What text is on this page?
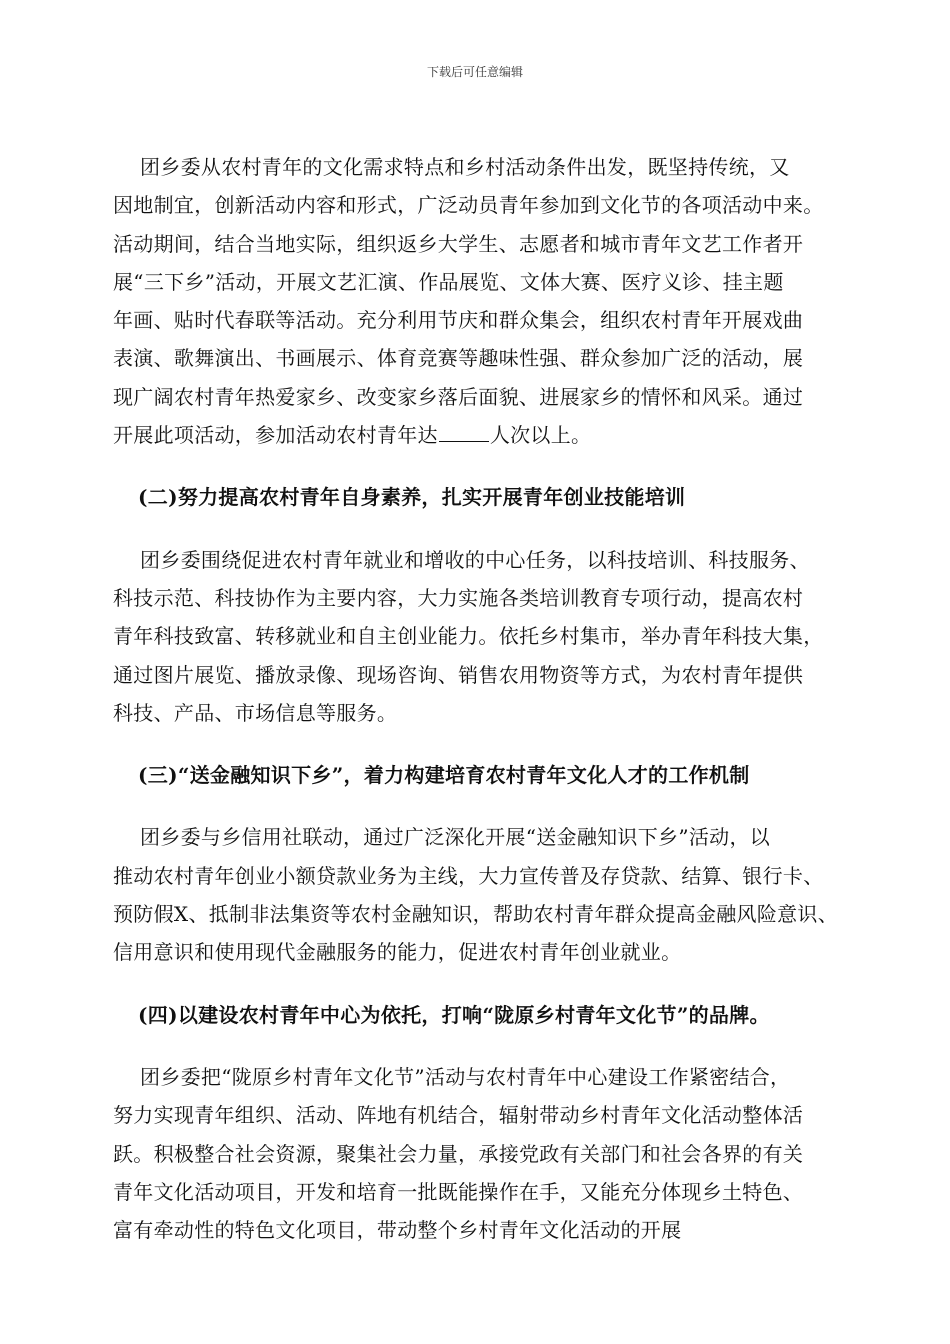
下载后可任意编辑
团乡委从农村青年的文化需求特点和乡村活动条件出发，既坚持传统，又
因地制宜，创新活动内容和形式，广泛动员青年参加到文化节的各项活动中来。
活动期间，结合当地实际，组织返乡大学生、志愿者和城市青年文艺工作者开
展“三下乡”活动，开展文艺汇演、作品展览、文体大赛、医疗义诊、挂主题
年画、贴时代春联等活动。充分利用节庆和群众集会，组织农村青年开展戏曲
表演、歌舞演出、书画展示、体育竞赛等趣味性强、群众参加广泛的活动，展
现广阔农村青年热爱家乡、改变家乡落后面貌、进展家乡的情怀和风采。通过
开展此项活动，参加活动农村青年达	人次以上。
(二)努力提高农村青年自身素养，扎实开展青年创业技能培训
团乡委围绕促进农村青年就业和增收的中心任务，以科技培训、科技服务、
科技示范、科技协作为主要内容，大力实施各类培训教育专项行动，提高农村
青年科技致富、转移就业和自主创业能力。依托乡村集市，举办青年科技大集，
通过图片展览、播放录像、现场咨询、销售农用物资等方式，为农村青年提供
科技、产品、市场信息等服务。
(三)“送金融知识下乡”，着力构建培育农村青年文化人才的工作机制
团乡委与乡信用社联动，通过广泛深化开展“送金融知识下乡”活动，以
推动农村青年创业小额贷款业务为主线，大力宣传普及存贷款、结算、银行卡、
预防假X、抵制非法集资等农村金融知识，帮助农村青年群众提高金融风险意识、
信用意识和使用现代金融服务的能力，促进农村青年创业就业。
(四)以建设农村青年中心为依托，打响“陇原乡村青年文化节”的品牌。
团乡委把“陇原乡村青年文化节”活动与农村青年中心建设工作紧密结合，
努力实现青年组织、活动、阵地有机结合，辐射带动乡村青年文化活动整体活
跃。积极整合社会资源，聚集社会力量，承接党政有关部门和社会各界的有关
青年文化活动项目，开发和培育一批既能操作在手，又能充分体现乡土特色、
富有牵动性的特色文化项目，带动整个乡村青年文化活动的开展
